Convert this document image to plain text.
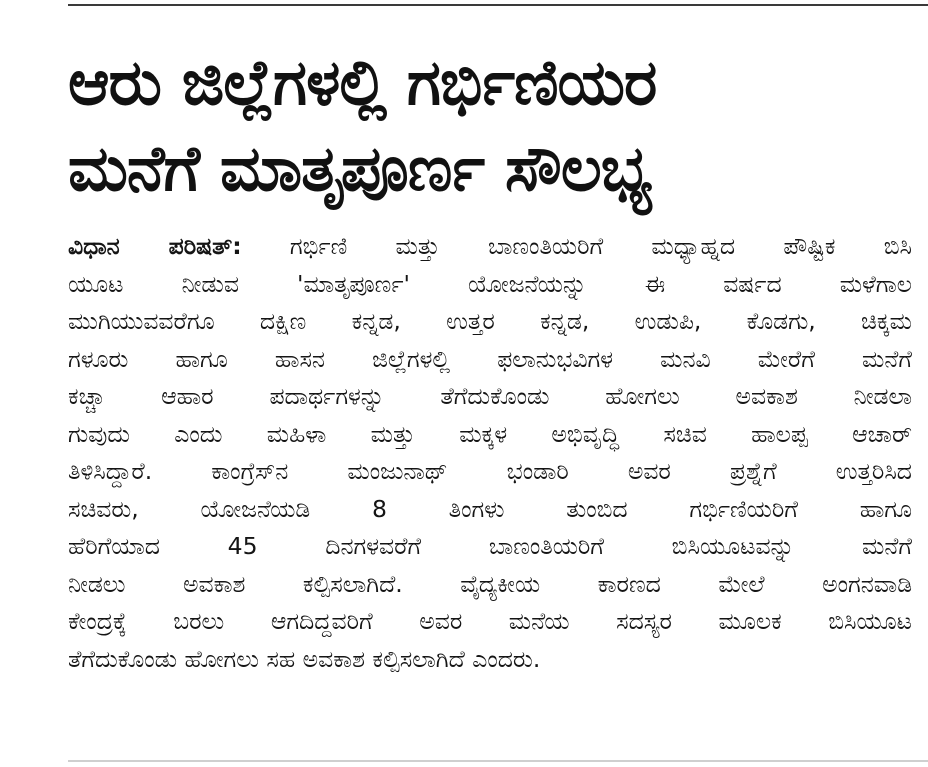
ಆರು ಜಿಲ್ಲೆಗಳಲ್ಲಿ ಗರ್ಭಿಣಿಯರ
ಮನೆಗೆ ಮಾತೃಪೂರ್ಣ ಸೌಲಭ್ಯ
ವಿಧಾನ ಪರಿಷತ್: ಗರ್ಭಿಣಿ ಮತ್ತು ಬಾಣಂತಿಯರಿಗೆ ಮಧ್ಯಾಹ್ನದ ಪೌಷ್ಟಿಕ ಬಿಸಿ
ಯೂಟ ನೀಡುವ 'ಮಾತೃಪೂರ್ಣ' ಯೋಜನೆಯನ್ನು ಈ ವರ್ಷದ ಮಳೆಗಾಲ
ಮುಗಿಯುವವರೆಗೂ ದಕ್ಷಿಣ ಕನ್ನಡ, ಉತ್ತರ ಕನ್ನಡ, ಉಡುಪಿ, ಕೊಡಗು, ಚಿಕ್ಕಮ
ಗಳೂರು ಹಾಗೂ ಹಾಸನ ಜಿಲ್ಲೆಗಳಲ್ಲಿ ಫಲಾನುಭವಿಗಳ ಮನವಿ ಮೇರೆಗೆ ಮನೆಗೆ
ಕಚ್ಚಾ ಆಹಾರ ಪದಾರ್ಥಗಳನ್ನು ತೆಗೆದುಕೊಂಡು ಹೋಗಲು ಅವಕಾಶ ನೀಡಲಾ
ಗುವುದು ಎಂದು ಮಹಿಳಾ ಮತ್ತು ಮಕ್ಕಳ ಅಭಿವೃದ್ಧಿ ಸಚಿವ ಹಾಲಪ್ಪ ಆಚಾರ್
ತಿಳಿಸಿದ್ದಾರೆ. ಕಾಂಗ್ರೆಸ್‌ನ ಮಂಜುನಾಥ್ ಭಂಡಾರಿ ಅವರ ಪ್ರಶ್ನೆಗೆ ಉತ್ತರಿಸಿದ
ಸಚಿವರು, ಯೋಜನೆಯಡಿ 8 ತಿಂಗಳು ತುಂಬಿದ ಗರ್ಭಿಣಿಯರಿಗೆ ಹಾಗೂ
ಹೆರಿಗೆಯಾದ 45 ದಿನಗಳವರೆಗೆ ಬಾಣಂತಿಯರಿಗೆ ಬಿಸಿಯೂಟವನ್ನು ಮನೆಗೆ
ನೀಡಲು ಅವಕಾಶ ಕಲ್ಪಿಸಲಾಗಿದೆ. ವೈದ್ಯಕೀಯ ಕಾರಣದ ಮೇಲೆ ಅಂಗನವಾಡಿ
ಕೇಂದ್ರಕ್ಕೆ ಬರಲು ಆಗದಿದ್ದವರಿಗೆ ಅವರ ಮನೆಯ ಸದಸ್ಯರ ಮೂಲಕ ಬಿಸಿಯೂಟ
ತೆಗೆದುಕೊಂಡು ಹೋಗಲು ಸಹ ಅವಕಾಶ ಕಲ್ಪಿಸಲಾಗಿದೆ ಎಂದರು.
